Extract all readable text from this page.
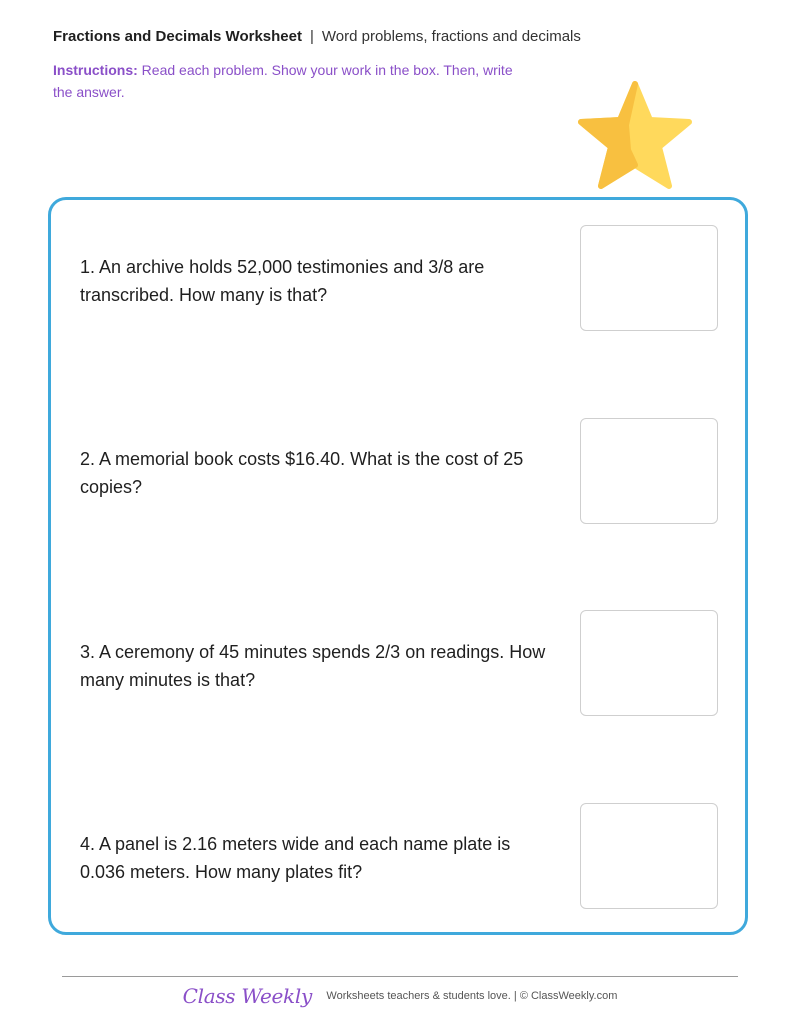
Fractions and Decimals Worksheet | Word problems, fractions and decimals
Instructions: Read each problem. Show your work in the box. Then, write the answer.
1. An archive holds 52,000 testimonies and 3/8 are transcribed. How many is that?
2. A memorial book costs $16.40. What is the cost of 25 copies?
3. A ceremony of 45 minutes spends 2/3 on readings. How many minutes is that?
4. A panel is 2.16 meters wide and each name plate is 0.036 meters. How many plates fit?
Class Weekly Worksheets teachers & students love. | © ClassWeekly.com
